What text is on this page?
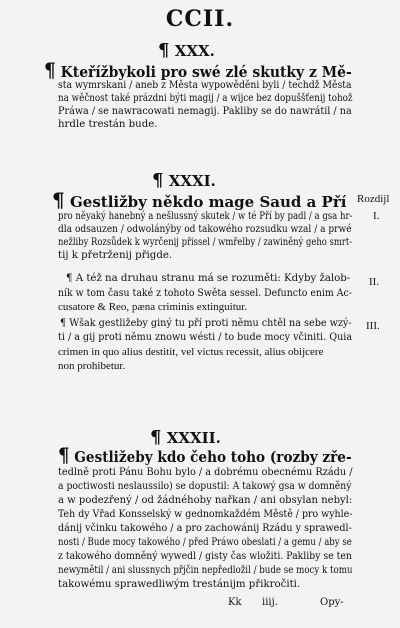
CCII.
¶ XXX.
¶ Kteřížbykoli pro swé zlé skutky z Mě-
sta wymrskani / aneb z Města wypowěděni byli / techdž Města
na wěčnost také prázdni býti magij / a wijce bez dopuššťenij tohož
Práwa / se nawracowati nemagij. Pakliby se do nawrátil / na
hrdle trestán bude.
¶ XXXI.
¶ Gestližby někdo mage Saud a Pří
pro něyaký hanebný a nešlussný skutek / w té Pří by padl / a gsa hr-
dla odsauzen / odwolánýby od takowého rozsudku wzal / a prwé
nežliby Rozsůdek k wyrčenij přissel / wmřelby / zawiněný geho smrt-
tij k přetrženij přigde.
¶ A též na druhau stranu má se rozuměti: Kdyby žalob-
ník w tom času také z tohoto Swěta sessel. Defuncto enim Ac-
cusatore & Reo, pæna criminis extinguitur.
¶ Wšak gestližeby giný tu pří proti němu chtěl na sebe wzý-
ti / a gij proti němu znowu wésti / to bude mocy včiniti. Quia
crimen in quo alius destitit, vel victus recessit, alius obijcere
non prohibetur.
Rozdijl
I.
II.
III.
¶ XXXII.
¶ Gestližeby kdo čeho toho (rozby zře-
tedlně proti Pánu Bohu bylo / a dobrému obecnému Rzádu /
a poctiwosti neslaussilo) se dopustil: A takowý gsa w domněný
a w podezřený / od žádnéhoby nařkan / ani obsylan nebyl:
Teh dy Vřad Konsselský w gednomkaždém Městě / pro wyhle-
dánij včinku takowého / a pro zachowánij Rzádu y sprawedl-
nosti / Bude mocy takowého / před Práwo obeslati / a gemu / aby se
z takowého domněný wywedl / gisty čas wložiti. Pakliby se ten
newymětil / ani slussnych přjčin nepředložil / bude se mocy k tomu
takowému sprawedliwým trestánijm přikročiti.
Kk iiij.	Opy-
